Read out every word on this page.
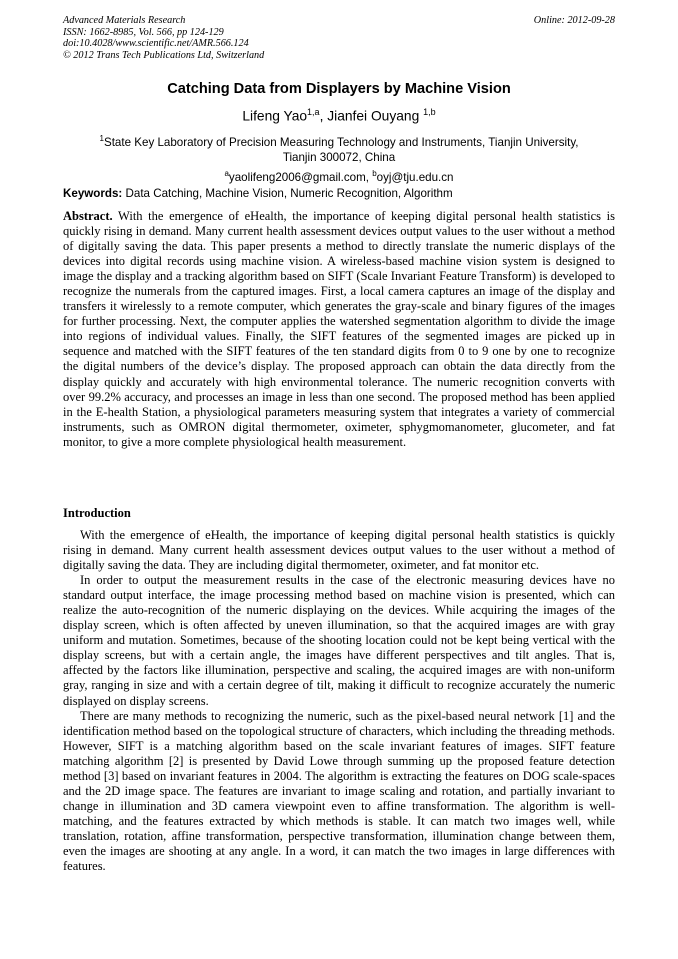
Advanced Materials Research
ISSN: 1662-8985, Vol. 566, pp 124-129
doi:10.4028/www.scientific.net/AMR.566.124
© 2012 Trans Tech Publications Ltd, Switzerland
Online: 2012-09-28
Catching Data from Displayers by Machine Vision
Lifeng Yao$^{1,a}$, Jianfei Ouyang $^{1,b}$
$^1$State Key Laboratory of Precision Measuring Technology and Instruments, Tianjin University,
Tianjin 300072, China
$^a$yaolifeng2006@gmail.com, $^b$oyj@tju.edu.cn
Keywords: Data Catching, Machine Vision, Numeric Recognition, Algorithm
Abstract. With the emergence of eHealth, the importance of keeping digital personal health statistics is quickly rising in demand. Many current health assessment devices output values to the user without a method of digitally saving the data. This paper presents a method to directly translate the numeric displays of the devices into digital records using machine vision. A wireless-based machine vision system is designed to image the display and a tracking algorithm based on SIFT (Scale Invariant Feature Transform) is developed to recognize the numerals from the captured images. First, a local camera captures an image of the display and transfers it wirelessly to a remote computer, which generates the gray-scale and binary figures of the images for further processing. Next, the computer applies the watershed segmentation algorithm to divide the image into regions of individual values. Finally, the SIFT features of the segmented images are picked up in sequence and matched with the SIFT features of the ten standard digits from 0 to 9 one by one to recognize the digital numbers of the device’s display. The proposed approach can obtain the data directly from the display quickly and accurately with high environmental tolerance. The numeric recognition converts with over 99.2% accuracy, and processes an image in less than one second. The proposed method has been applied in the E-health Station, a physiological parameters measuring system that integrates a variety of commercial instruments, such as OMRON digital thermometer, oximeter, sphygmomanometer, glucometer, and fat monitor, to give a more complete physiological health measurement.
Introduction

With the emergence of eHealth, the importance of keeping digital personal health statistics is quickly rising in demand. Many current health assessment devices output values to the user without a method of digitally saving the data. They are including digital thermometer, oximeter, and fat monitor etc.

In order to output the measurement results in the case of the electronic measuring devices have no standard output interface, the image processing method based on machine vision is presented, which can realize the auto-recognition of the numeric displaying on the devices. While acquiring the images of the display screen, which is often affected by uneven illumination, so that the acquired images are with gray uniform and mutation. Sometimes, because of the shooting location could not be kept being vertical with the display screens, but with a certain angle, the images have different perspectives and tilt angles. That is, affected by the factors like illumination, perspective and scaling, the acquired images are with non-uniform gray, ranging in size and with a certain degree of tilt, making it difficult to recognize accurately the numeric displayed on display screens.

There are many methods to recognizing the numeric, such as the pixel-based neural network [1] and the identification method based on the topological structure of characters, which including the threading methods. However, SIFT is a matching algorithm based on the scale invariant features of images. SIFT feature matching algorithm [2] is presented by David Lowe through summing up the proposed feature detection method [3] based on invariant features in 2004. The algorithm is extracting the features on DOG scale-spaces and the 2D image space. The features are invariant to image scaling and rotation, and partially invariant to change in illumination and 3D camera viewpoint even to affine transformation. The algorithm is well-matching, and the features extracted by which methods is stable. It can match two images well, while translation, rotation, affine transformation, perspective transformation, illumination change between them, even the images are shooting at any angle. In a word, it can match the two images in large differences with features.
